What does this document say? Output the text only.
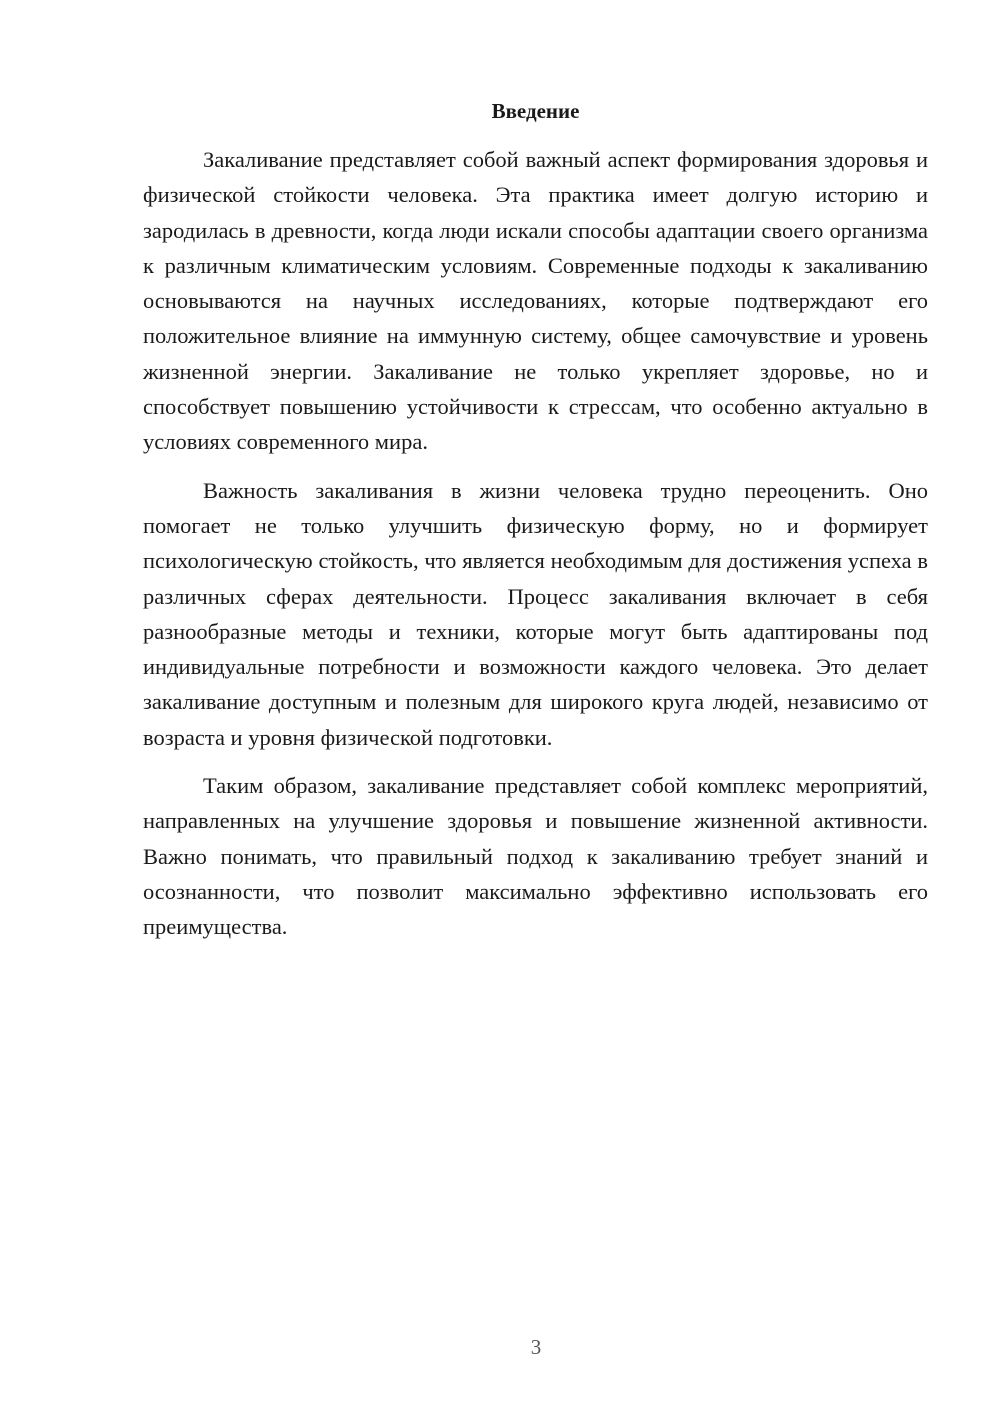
Введение

Закаливание представляет собой важный аспект формирования здоровья и физической стойкости человека. Эта практика имеет долгую историю и зародилась в древности, когда люди искали способы адаптации своего организма к различным климатическим условиям. Современные подходы к закаливанию основываются на научных исследованиях, которые подтверждают его положительное влияние на иммунную систему, общее самочувствие и уровень жизненной энергии. Закаливание не только укрепляет здоровье, но и способствует повышению устойчивости к стрессам, что особенно актуально в условиях современного мира.

Важность закаливания в жизни человека трудно переоценить. Оно помогает не только улучшить физическую форму, но и формирует психологическую стойкость, что является необходимым для достижения успеха в различных сферах деятельности. Процесс закаливания включает в себя разнообразные методы и техники, которые могут быть адаптированы под индивидуальные потребности и возможности каждого человека. Это делает закаливание доступным и полезным для широкого круга людей, независимо от возраста и уровня физической подготовки.

Таким образом, закаливание представляет собой комплекс мероприятий, направленных на улучшение здоровья и повышение жизненной активности. Важно понимать, что правильный подход к закаливанию требует знаний и осознанности, что позволит максимально эффективно использовать его преимущества.

3
